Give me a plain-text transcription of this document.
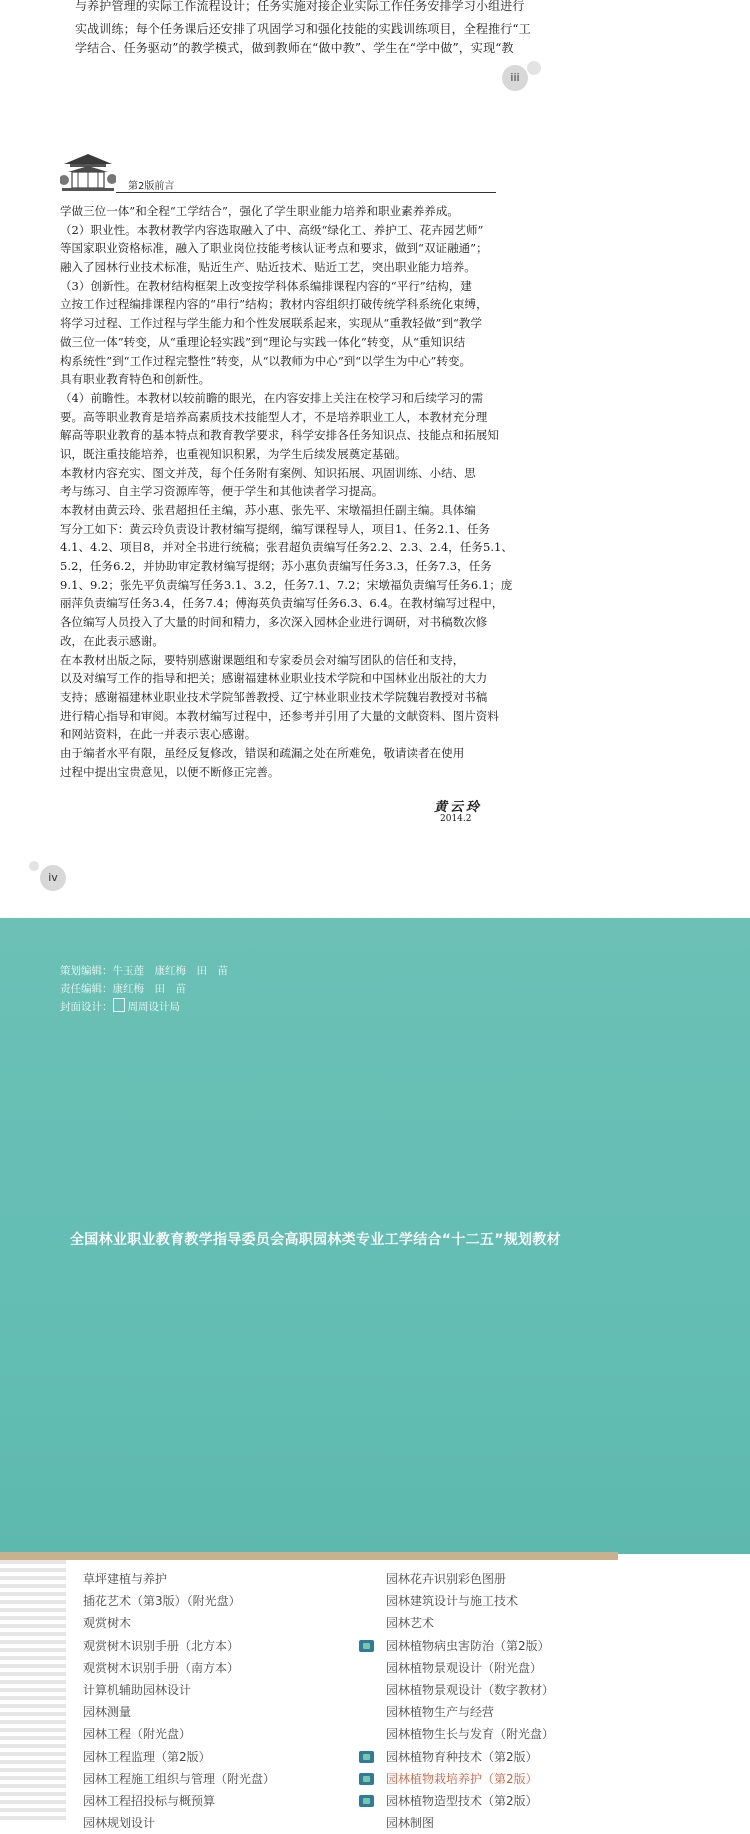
与养护管理的实际工作流程设计；任务实施对接企业实际工作任务安排学习小组进行
实战训练；每个任务课后还安排了巩固学习和强化技能的实践训练项目，全程推行“工
学结合、任务驱动”的教学模式，做到教师在“做中教”、学生在“学中做”，实现“教
iii
第2版前言
学做三位一体”和全程“工学结合”，强化了学生职业能力培养和职业素养养成。
（2）职业性。本教材教学内容选取融入了中、高级“绿化工、养护工、花卉园艺师”
等国家职业资格标准，融入了职业岗位技能考核认证考点和要求，做到“双证融通”；
融入了园林行业技术标准，贴近生产、贴近技术、贴近工艺，突出职业能力培养。
（3）创新性。在教材结构框架上改变按学科体系编排课程内容的“平行”结构，建
立按工作过程编排课程内容的“串行”结构；教材内容组织打破传统学科系统化束缚，
将学习过程、工作过程与学生能力和个性发展联系起来，实现从“重教轻做”到“教学
做三位一体”转变，从“重理论轻实践”到“理论与实践一体化”转变，从“重知识结
构系统性”到“工作过程完整性”转变，从“以教师为中心”到“以学生为中心”转变。
具有职业教育特色和创新性。
（4）前瞻性。本教材以较前瞻的眼光，在内容安排上关注在校学习和后续学习的需
要。高等职业教育是培养高素质技术技能型人才，不是培养职业工人，本教材充分理
解高等职业教育的基本特点和教育教学要求，科学安排各任务知识点、技能点和拓展知
识，既注重技能培养，也重视知识积累，为学生后续发展奠定基础。
本教材内容充实、图文并茂，每个任务附有案例、知识拓展、巩固训练、小结、思
考与练习、自主学习资源库等，便于学生和其他读者学习提高。
本教材由黄云玲、张君超担任主编，苏小惠、张先平、宋墩福担任副主编。具体编
写分工如下：黄云玲负责设计教材编写提纲，编写课程导人，项目1、任务2.1、任务
4.1、4.2、项目8，并对全书进行统稿；张君超负责编写任务2.2、2.3、2.4，任务5.1、
5.2，任务6.2，并协助审定教材编写提纲；苏小惠负责编写任务3.3，任务7.3，任务
9.1、9.2；张先平负责编写任务3.1、3.2，任务7.1、7.2；宋墩福负责编写任务6.1；庞
丽萍负责编写任务3.4，任务7.4；傅海英负责编写任务6.3、6.4。在教材编写过程中，
各位编写人员投入了大量的时间和精力，多次深入园林企业进行调研，对书稿数次修
改，在此表示感谢。
在本教材出版之际，要特别感谢课题组和专家委员会对编写团队的信任和支持，
以及对编写工作的指导和把关；感谢福建林业职业技术学院和中国林业出版社的大力
支持；感谢福建林业职业技术学院邹善教授、辽宁林业职业技术学院魏岩教授对书稿
进行精心指导和审阅。本教材编写过程中，还参考并引用了大量的文献资料、图片资料
和网站资料，在此一并表示衷心感谢。
由于编者水平有限，虽经反复修改，错误和疏漏之处在所难免，敬请读者在使用
过程中提出宝贵意见，以便不断修正完善。
黄云玲
2014.2
iv
策划编辑：牛玉莲　康红梅　田　苗
责任编辑：康红梅　田　苗
封面设计： 周周设计局
全国林业职业教育教学指导委员会高职园林类专业工学结合“十二五”规划教材
草坪建植与养护
插花艺术（第3版）（附光盘）
观赏树木
观赏树木识别手册（北方本）
观赏树木识别手册（南方本）
计算机辅助园林设计
园林测量
园林工程（附光盘）
园林工程监理（第2版）
园林工程施工组织与管理（附光盘）
园林工程招投标与概预算
园林规划设计
园林花卉识别彩色图册
园林建筑设计与施工技术
园林艺术
园林植物病虫害防治（第2版）
园林植物景观设计（附光盘）
园林植物景观设计（数字教材）
园林植物生产与经营
园林植物生长与发育（附光盘）
园林植物育种技术（第2版）
园林植物栽培养护（第2版）
园林植物造型技术（第2版）
园林制图
